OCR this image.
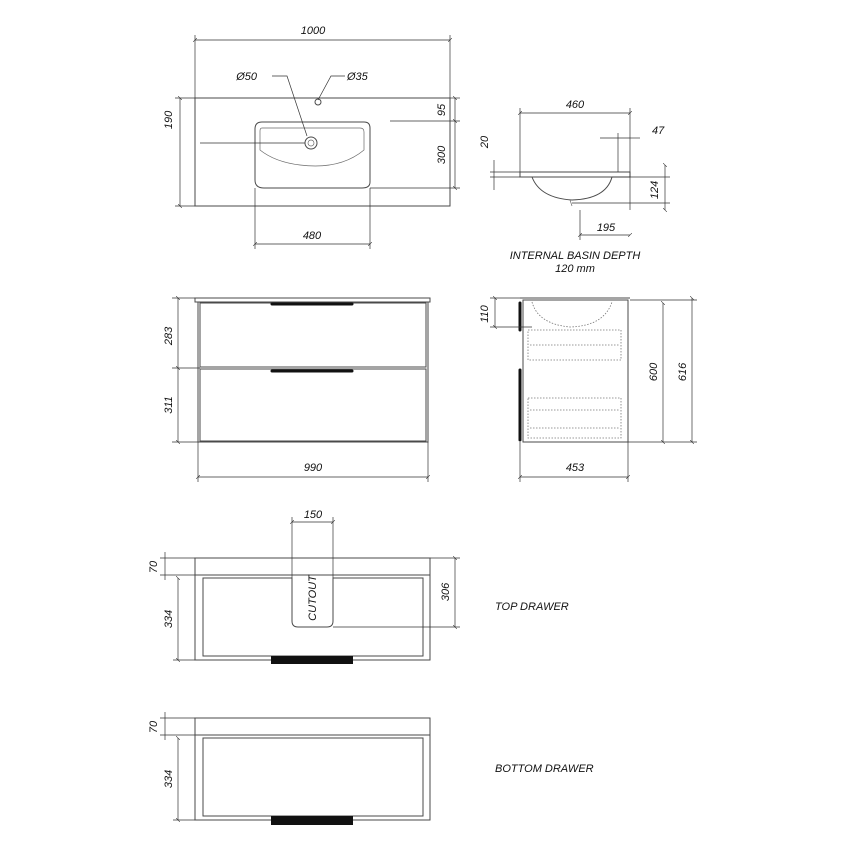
1000
190
95
300
480
Ø50	Ø35
460
47
20
124
195
INTERNAL BASIN DEPTH
120 mm
283
311
990
110
600 616
453
CUTOUT
150
70
334
306
TOP DRAWER
70
334
BOTTOM DRAWER
